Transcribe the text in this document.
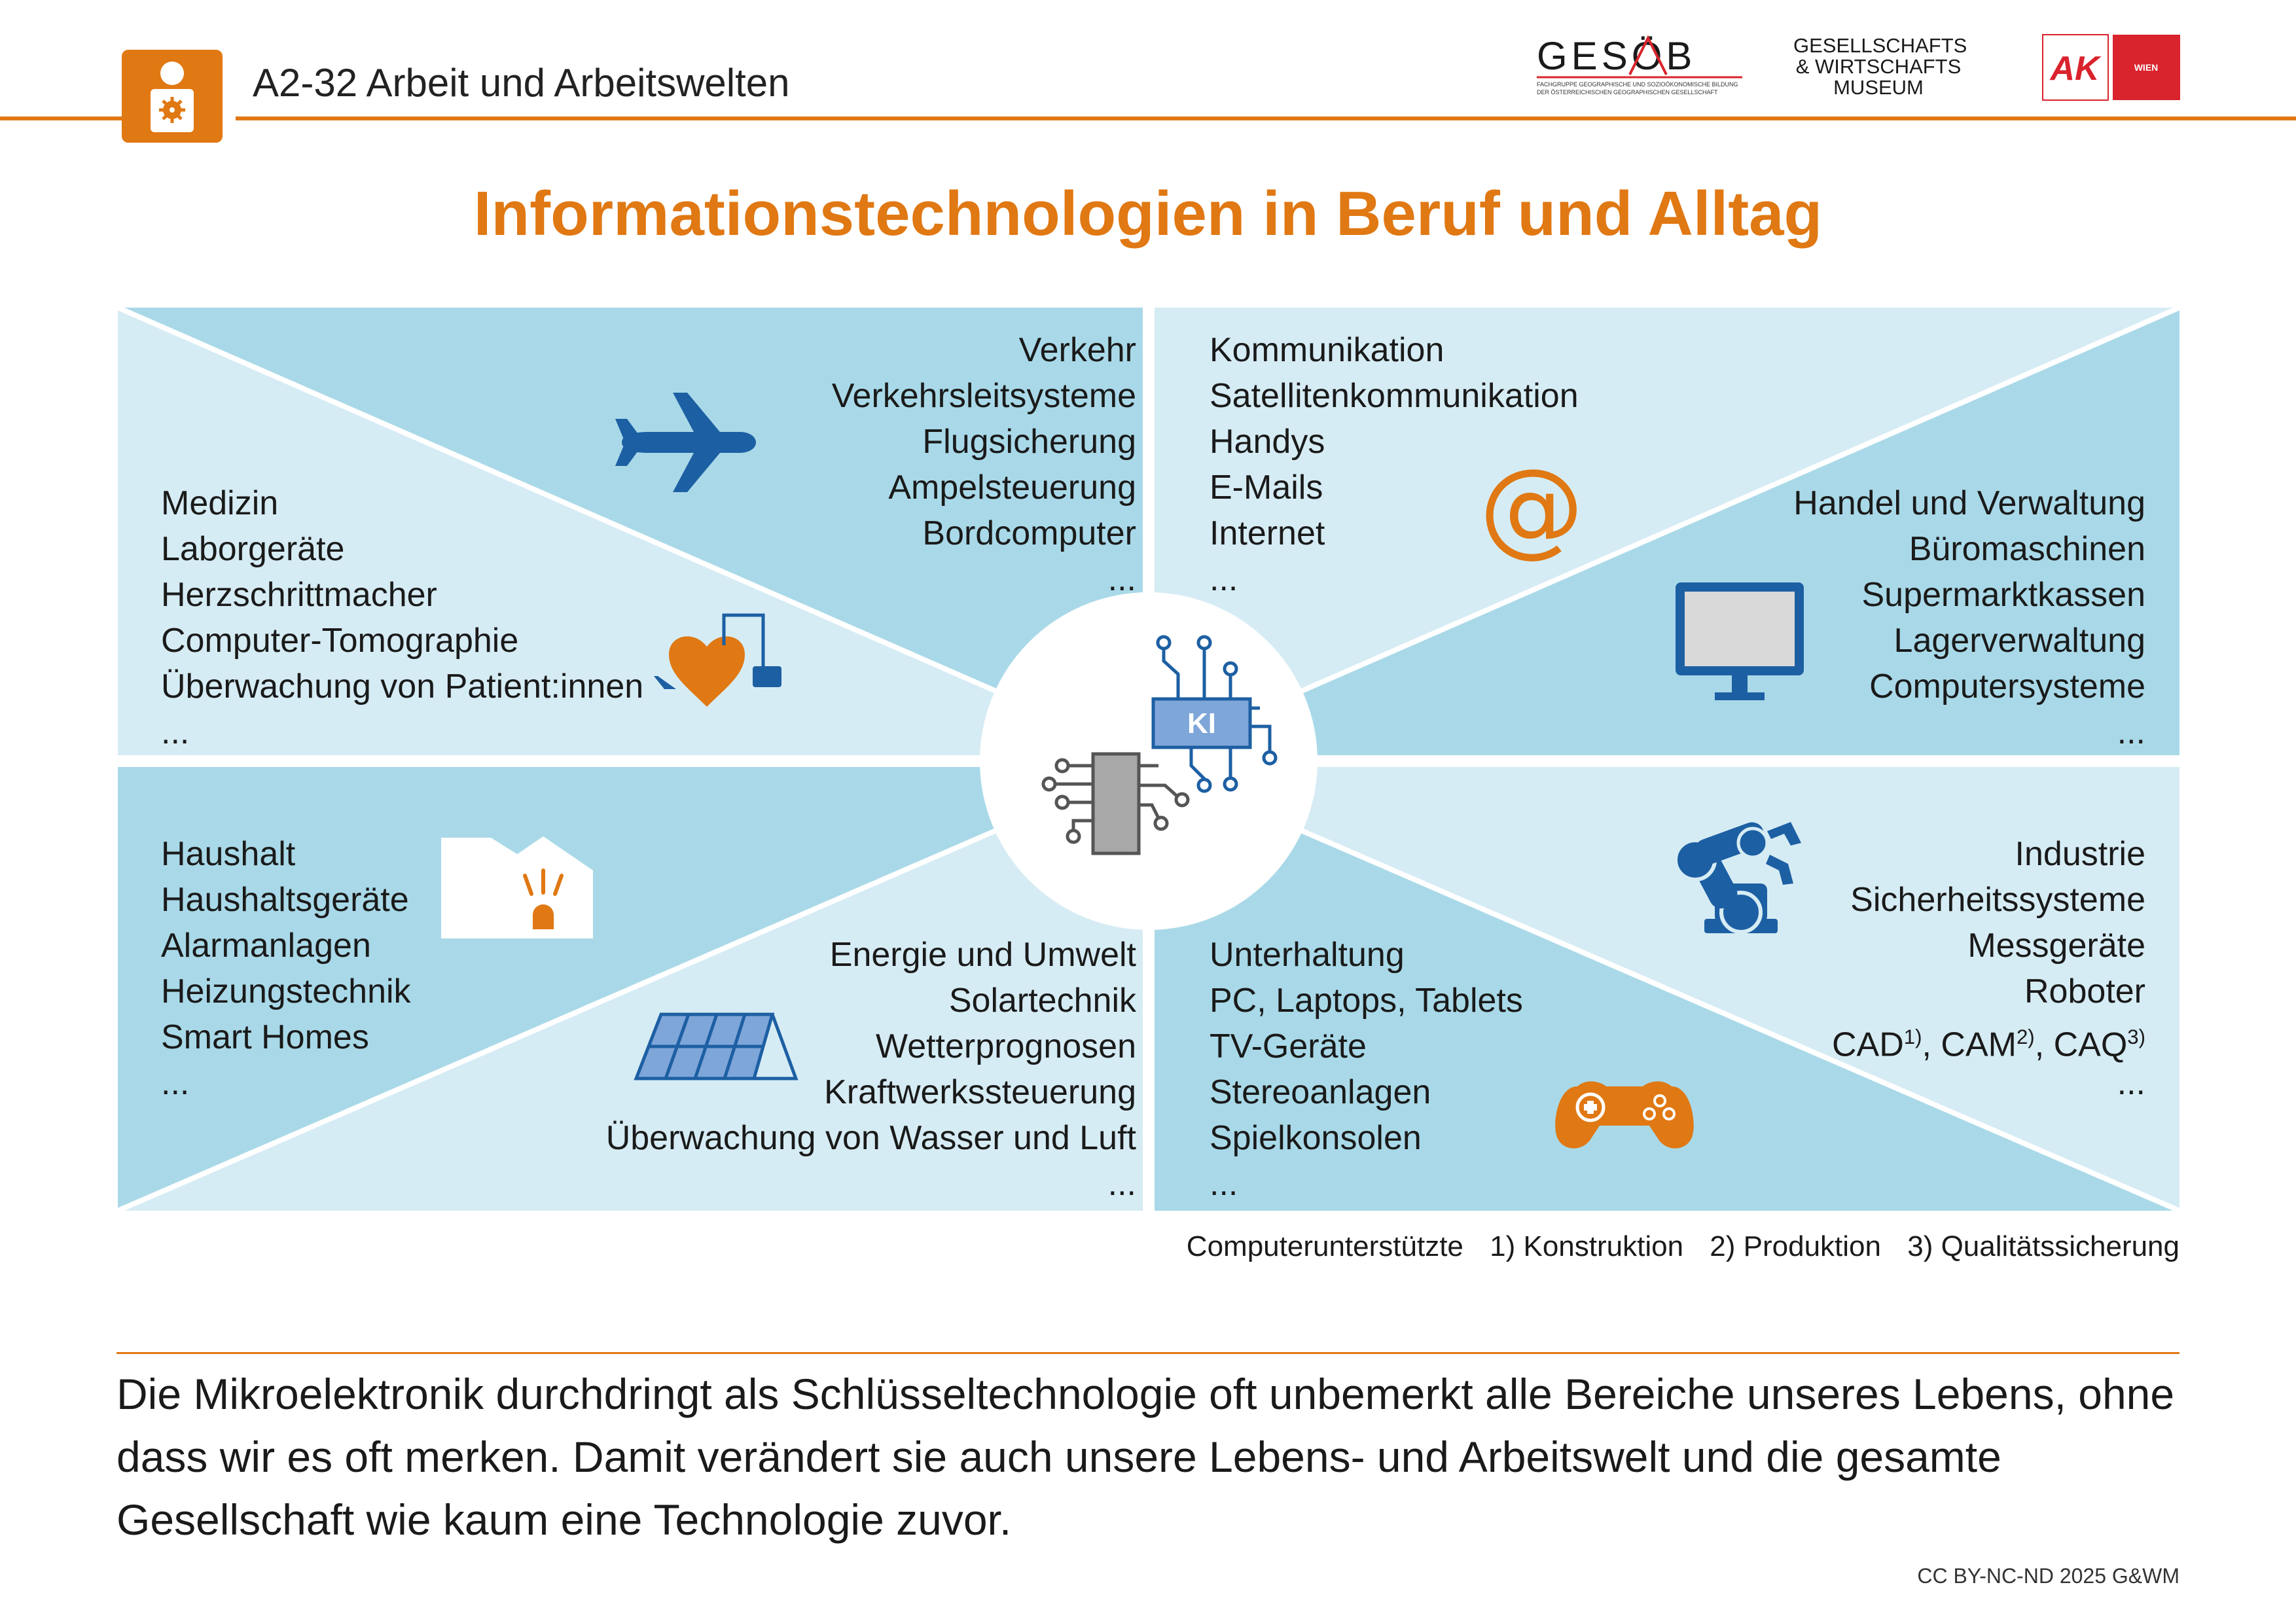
A2-32 Arbeit und Arbeitswelten
GESÖB
FACHGRUPPE GEOGRAPHISCHE UND SOZIOÖKONOMISCHE BILDUNG
DER ÖSTERREICHISCHEN GEOGRAPHISCHEN GESELLSCHAFT
GESELLSCHAFTS
& WIRTSCHAFTS
MUSEUM	AK	WIEN
Informationstechnologien in Beruf und Alltag
KI
@
Verkehr
Verkehrsleitsysteme
Flugsicherung
Ampelsteuerung
Bordcomputer
...
Medizin
Laborgeräte
Herzschrittmacher
Computer-Tomographie
Überwachung von Patient:innen
...
Kommunikation
Satellitenkommunikation
Handys
E-Mails
Internet
...
Handel und Verwaltung
Büromaschinen
Supermarktkassen
Lagerverwaltung
Computersysteme
...
Haushalt
Haushaltsgeräte
Alarmanlagen
Heizungstechnik
Smart Homes
...
Energie und Umwelt
Solartechnik
Wetterprognosen
Kraftwerkssteuerung
Überwachung von Wasser und Luft
...
Unterhaltung
PC, Laptops, Tablets
TV-Geräte
Stereoanlagen
Spielkonsolen
...
Industrie
Sicherheitssysteme
Messgeräte
Roboter
CAD$^{1)}$, CAM$^{2)}$, CAQ$^{3)}$
...
Computerunterstützte 1) Konstruktion 2) Produktion 3) Qualitätssicherung
Die Mikroelektronik durchdringt als Schlüsseltechnologie oft unbemerkt alle Bereiche unseres Lebens, ohne dass wir es oft merken. Damit verändert sie auch unsere Lebens- und Arbeitswelt und die gesamte Gesellschaft wie kaum eine Technologie zuvor.
CC BY-NC-ND 2025 G&WM
